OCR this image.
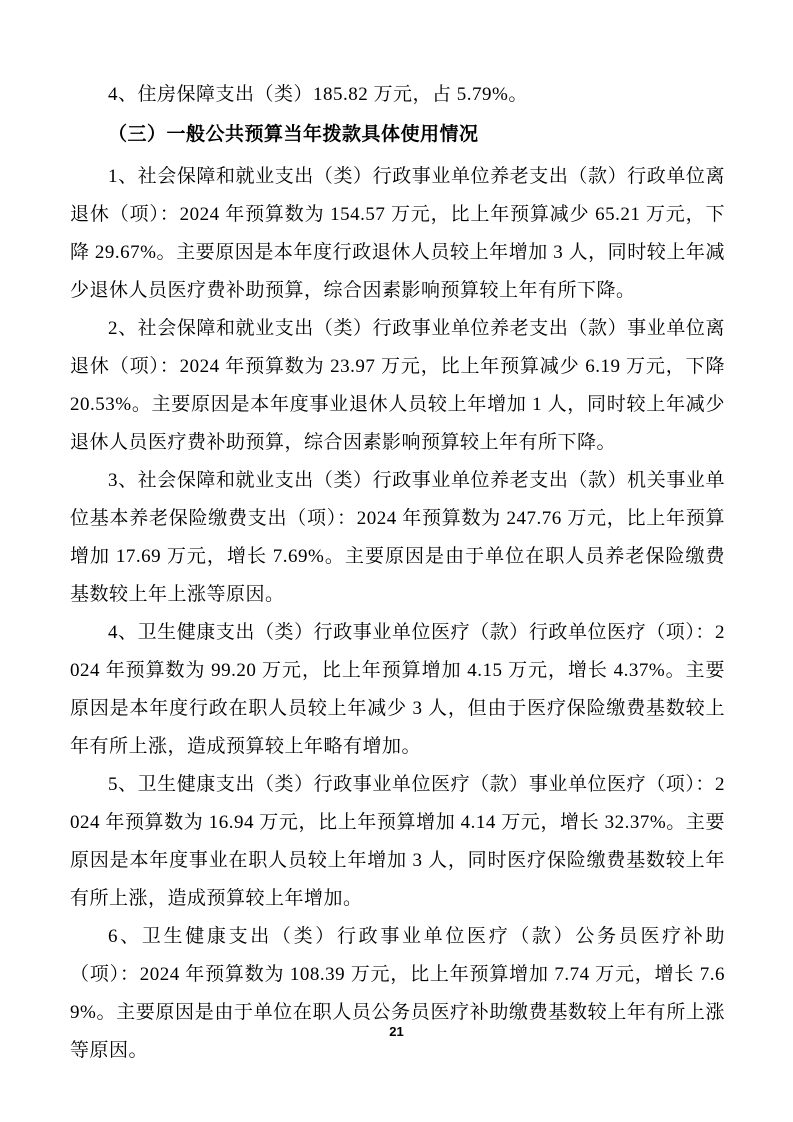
4、住房保障支出（类）185.82 万元，占 5.79%。

（三）一般公共预算当年拨款具体使用情况

1、社会保障和就业支出（类）行政事业单位养老支出（款）行政单位离退休（项）：2024 年预算数为 154.57 万元，比上年预算减少 65.21 万元，下降 29.67%。主要原因是本年度行政退休人员较上年增加 3 人，同时较上年减少退休人员医疗费补助预算，综合因素影响预算较上年有所下降。

2、社会保障和就业支出（类）行政事业单位养老支出（款）事业单位离退休（项）：2024 年预算数为 23.97 万元，比上年预算减少 6.19 万元，下降 20.53%。主要原因是本年度事业退休人员较上年增加 1 人，同时较上年减少退休人员医疗费补助预算，综合因素影响预算较上年有所下降。

3、社会保障和就业支出（类）行政事业单位养老支出（款）机关事业单位基本养老保险缴费支出（项）：2024 年预算数为 247.76 万元，比上年预算增加 17.69 万元，增长 7.69%。主要原因是由于单位在职人员养老保险缴费基数较上年上涨等原因。

4、卫生健康支出（类）行政事业单位医疗（款）行政单位医疗（项）：2024 年预算数为 99.20 万元，比上年预算增加 4.15 万元，增长 4.37%。主要原因是本年度行政在职人员较上年减少 3 人，但由于医疗保险缴费基数较上年有所上涨，造成预算较上年略有增加。

5、卫生健康支出（类）行政事业单位医疗（款）事业单位医疗（项）：2024 年预算数为 16.94 万元，比上年预算增加 4.14 万元，增长 32.37%。主要原因是本年度事业在职人员较上年增加 3 人，同时医疗保险缴费基数较上年有所上涨，造成预算较上年增加。

6、卫生健康支出（类）行政事业单位医疗（款）公务员医疗补助（项）：2024 年预算数为 108.39 万元，比上年预算增加 7.74 万元，增长 7.69%。主要原因是由于单位在职人员公务员医疗补助缴费基数较上年有所上涨等原因。

21
